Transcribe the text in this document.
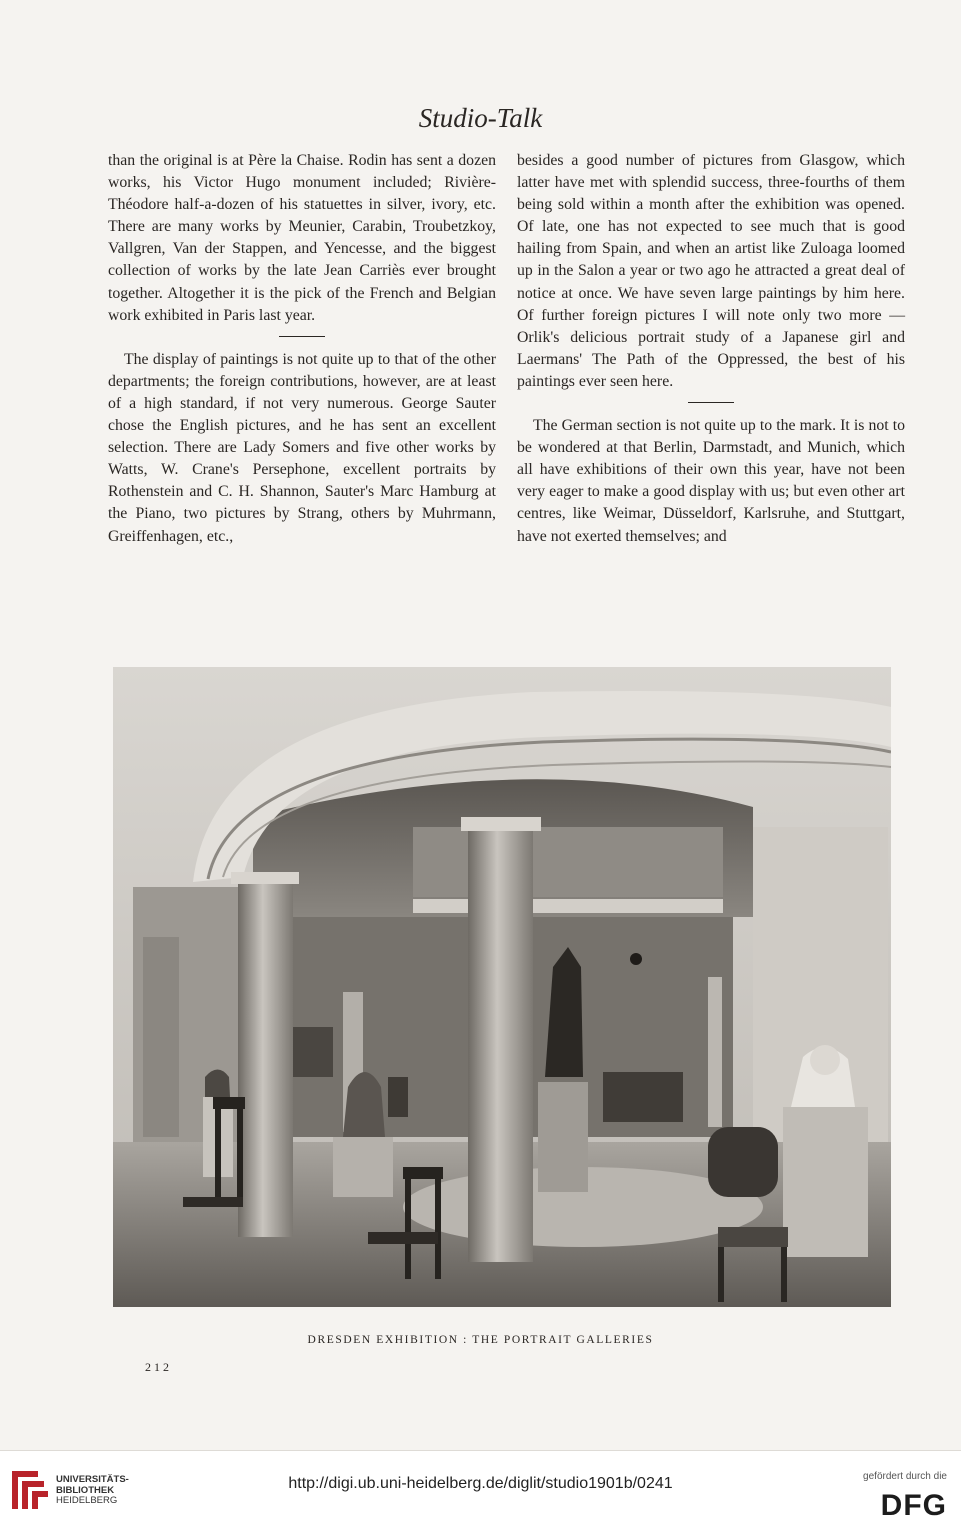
Studio-Talk

than the original is at Père la Chaise. Rodin has sent a dozen works, his Victor Hugo monument included; Rivière-Théodore half-a-dozen of his statuettes in silver, ivory, etc. There are many works by Meunier, Carabin, Troubetzkoy, Vallgren, Van der Stappen, and Yencesse, and the biggest collection of works by the late Jean Carriès ever brought together. Altogether it is the pick of the French and Belgian work exhibited in Paris last year.

The display of paintings is not quite up to that of the other departments; the foreign contributions, however, are at least of a high standard, if not very numerous. George Sauter chose the English pictures, and he has sent an excellent selection. There are Lady Somers and five other works by Watts, W. Crane's Persephone, excellent portraits by Rothenstein and C. H. Shannon, Sauter's Marc Hamburg at the Piano, two pictures by Strang, others by Muhrmann, Greiffenhagen, etc.,

besides a good number of pictures from Glasgow, which latter have met with splendid success, three-fourths of them being sold within a month after the exhibition was opened. Of late, one has not expected to see much that is good hailing from Spain, and when an artist like Zuloaga loomed up in the Salon a year or two ago he attracted a great deal of notice at once. We have seven large paintings by him here. Of further foreign pictures I will note only two more — Orlik's delicious portrait study of a Japanese girl and Laermans' The Path of the Oppressed, the best of his paintings ever seen here.

The German section is not quite up to the mark. It is not to be wondered at that Berlin, Darmstadt, and Munich, which all have exhibitions of their own this year, have not been very eager to make a good display with us; but even other art centres, like Weimar, Düsseldorf, Karlsruhe, and Stuttgart, have not exerted themselves; and

DRESDEN EXHIBITION : THE PORTRAIT GALLERIES
212
UNIVERSITÄTS-
BIBLIOTHEK
HEIDELBERG
http://digi.ub.uni-heidelberg.de/diglit/studio1901b/0241	gefördert durch die
DFG
